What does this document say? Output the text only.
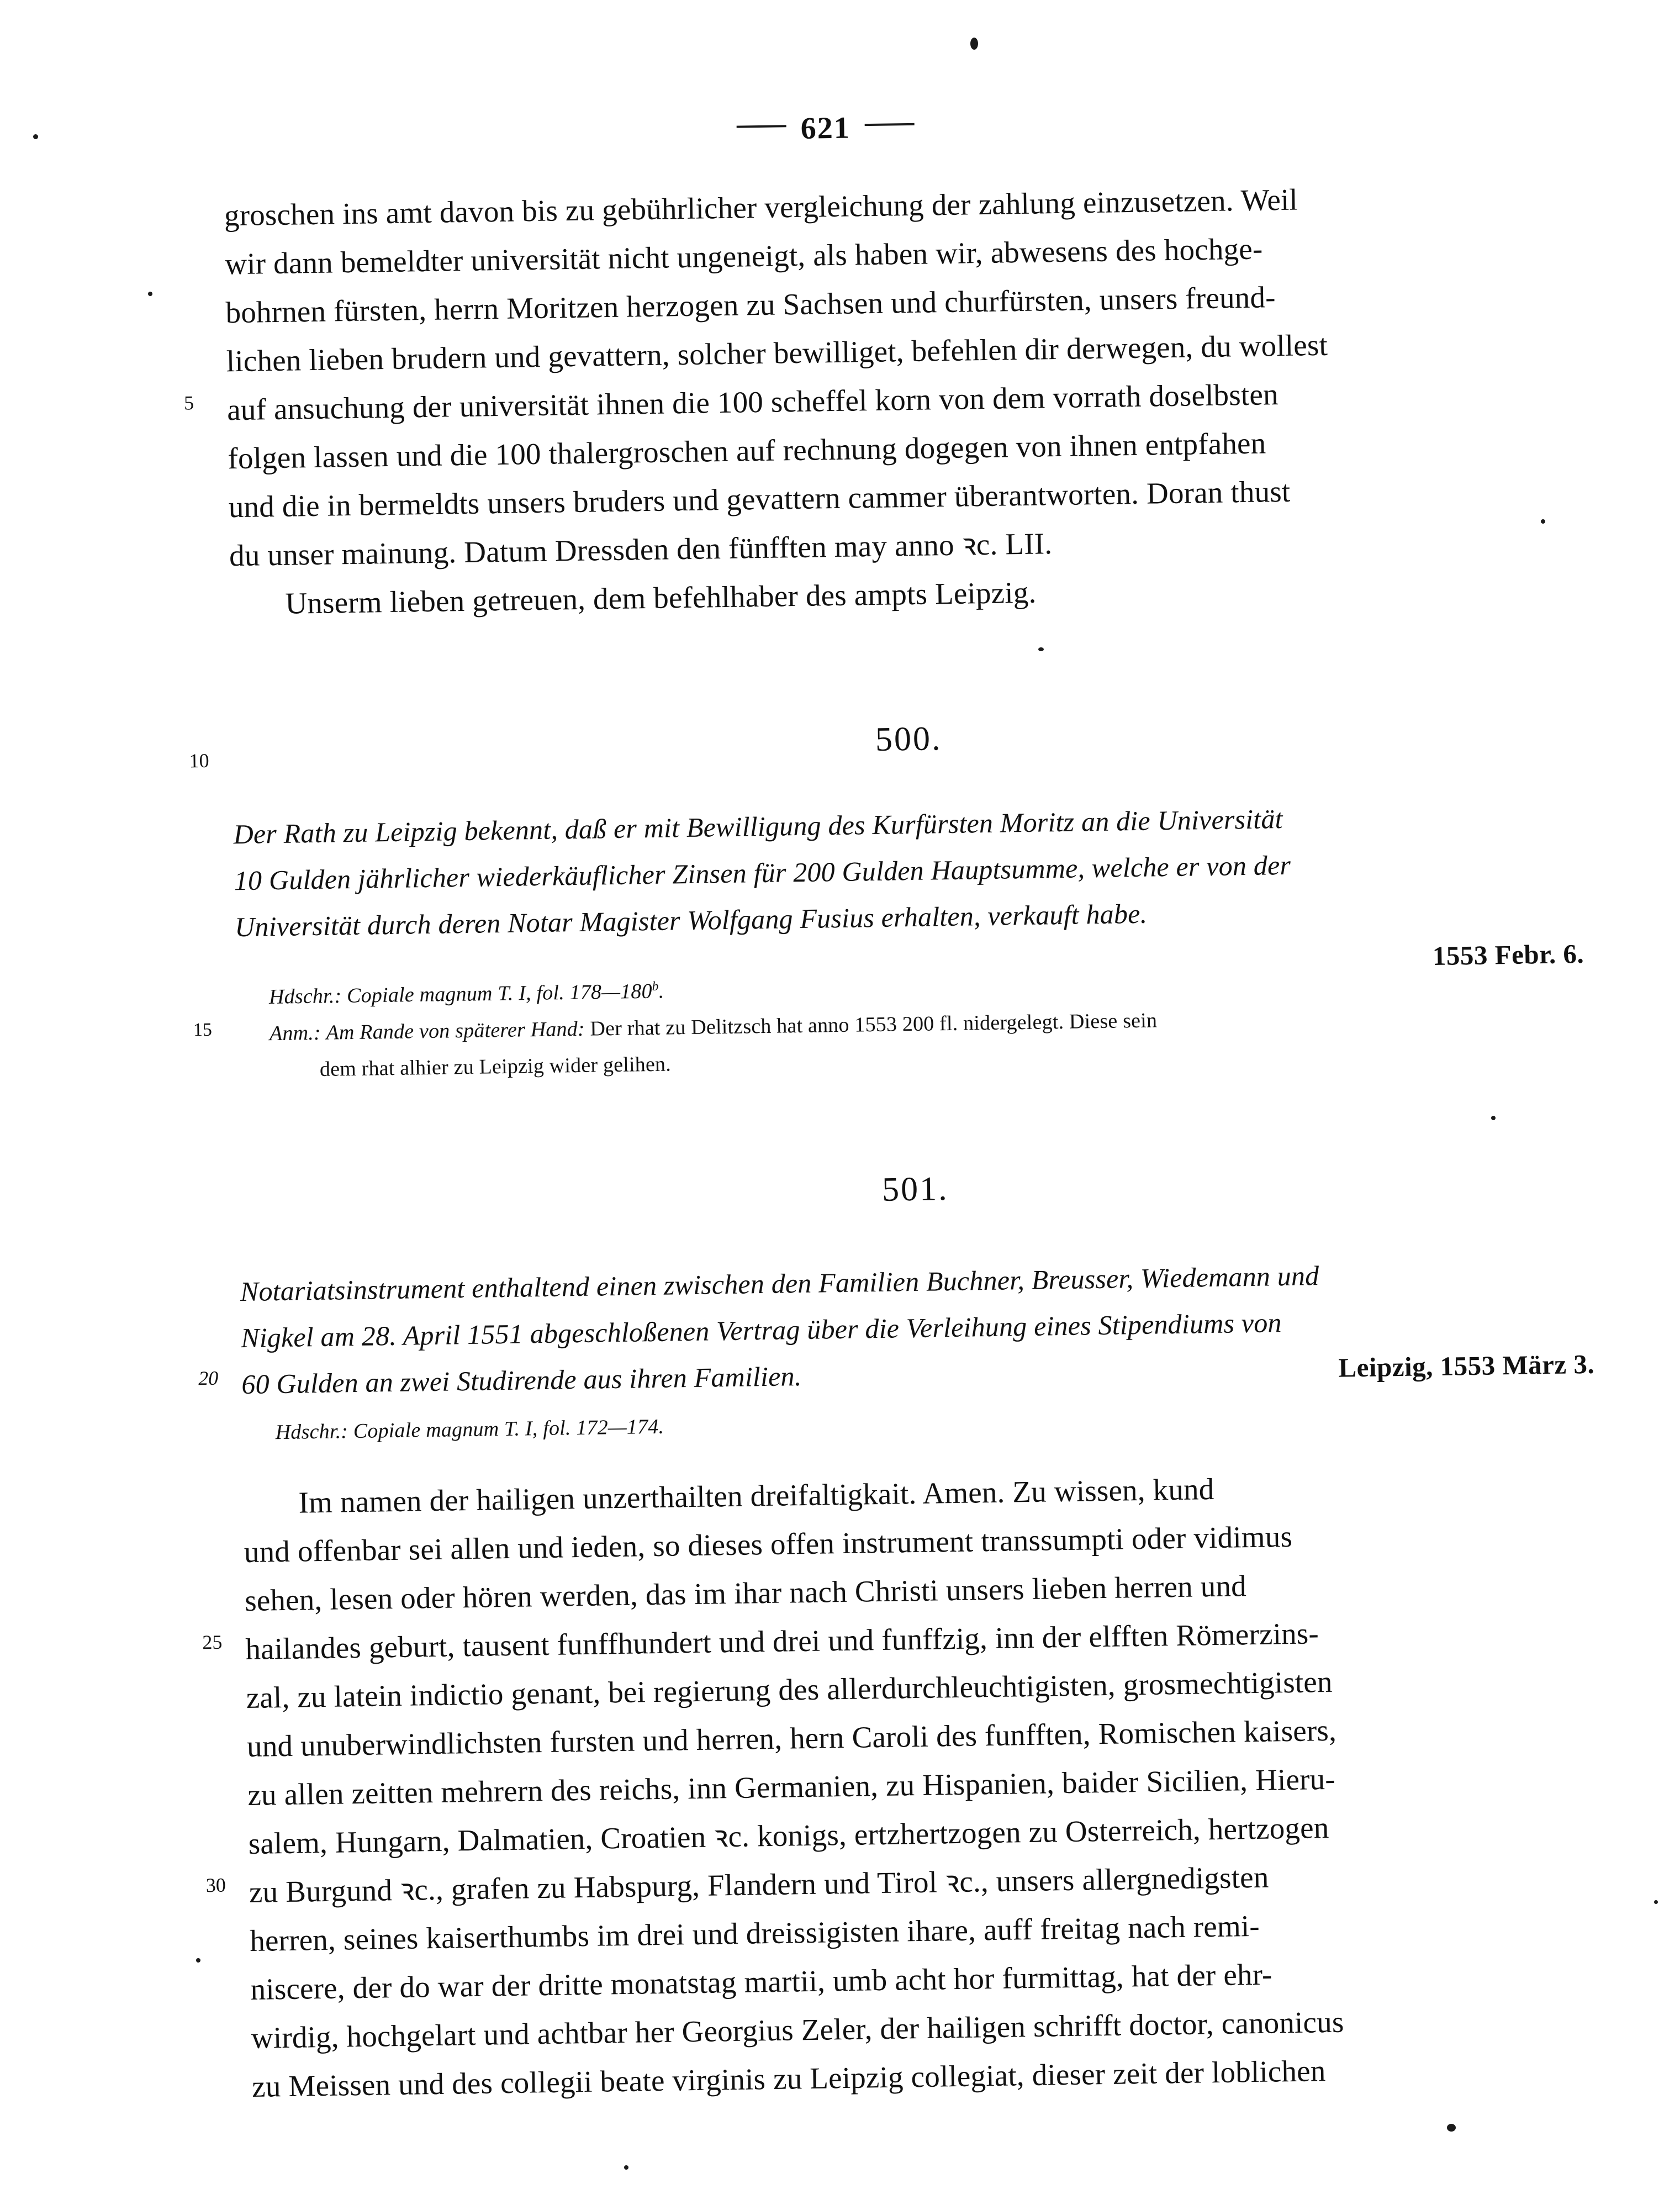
621
groschen ins amt davon bis zu gebührlicher vergleichung der zahlung einzusetzen. Weil
wir dann bemeldter universität nicht ungeneigt, als haben wir, abwesens des hochge-
bohrnen fürsten, herrn Moritzen herzogen zu Sachsen und churfürsten, unsers freund-
lichen lieben brudern und gevattern, solcher bewilliget, befehlen dir derwegen, du wollest
5 auf ansuchung der universität ihnen die 100 scheffel korn von dem vorrath doselbsten
folgen lassen und die 100 thalergroschen auf rechnung dogegen von ihnen entpfahen
und die in bermeldts unsers bruders und gevattern cammer überantworten. Doran thust
du unser mainung. Datum Dressden den fünfften may anno ꝛc. LII.
Unserm lieben getreuen, dem befehlhaber des ampts Leipzig.
500.
10
Der Rath zu Leipzig bekennt, daß er mit Bewilligung des Kurfürsten Moritz an die Universität
10 Gulden jährlicher wiederkäuflicher Zinsen für 200 Gulden Hauptsumme, welche er von der
Universität durch deren Notar Magister Wolfgang Fusius erhalten, verkauft habe.
1553 Febr. 6.
Hdschr.: Copiale magnum T. I, fol. 178—180$^b$.
15	Anm.: Am Rande von späterer Hand: Der rhat zu Delitzsch hat anno 1553 200 fl. nidergelegt. Diese sein
dem rhat alhier zu Leipzig wider gelihen.
501.
Notariatsinstrument enthaltend einen zwischen den Familien Buchner, Breusser, Wiedemann und
Nigkel am 28. April 1551 abgeschloßenen Vertrag über die Verleihung eines Stipendiums von
20 60 Gulden an zwei Studirende aus ihren Familien.	Leipzig, 1553 März 3.
Hdschr.: Copiale magnum T. I, fol. 172—174.
Im namen der hailigen unzerthailten dreifaltigkait. Amen. Zu wissen, kund
und offenbar sei allen und ieden, so dieses offen instrument transsumpti oder vidimus
sehen, lesen oder hören werden, das im ihar nach Christi unsers lieben herren und
25 hailandes geburt, tausent funffhundert und drei und funffzig, inn der elfften Römerzins-
zal, zu latein indictio genant, bei regierung des allerdurchleuchtigisten, grosmechtigisten
und unuberwindlichsten fursten und herren, hern Caroli des funfften, Romischen kaisers,
zu allen zeitten mehrern des reichs, inn Germanien, zu Hispanien, baider Sicilien, Hieru-
salem, Hungarn, Dalmatien, Croatien ꝛc. konigs, ertzhertzogen zu Osterreich, hertzogen
30 zu Burgund ꝛc., grafen zu Habspurg, Flandern und Tirol ꝛc., unsers allergnedigsten
herren, seines kaiserthumbs im drei und dreissigisten ihare, auff freitag nach remi-
niscere, der do war der dritte monatstag martii, umb acht hor furmittag, hat der ehr-
wirdig, hochgelart und achtbar her Georgius Zeler, der hailigen schrifft doctor, canonicus
zu Meissen und des collegii beate virginis zu Leipzig collegiat, dieser zeit der loblichen
